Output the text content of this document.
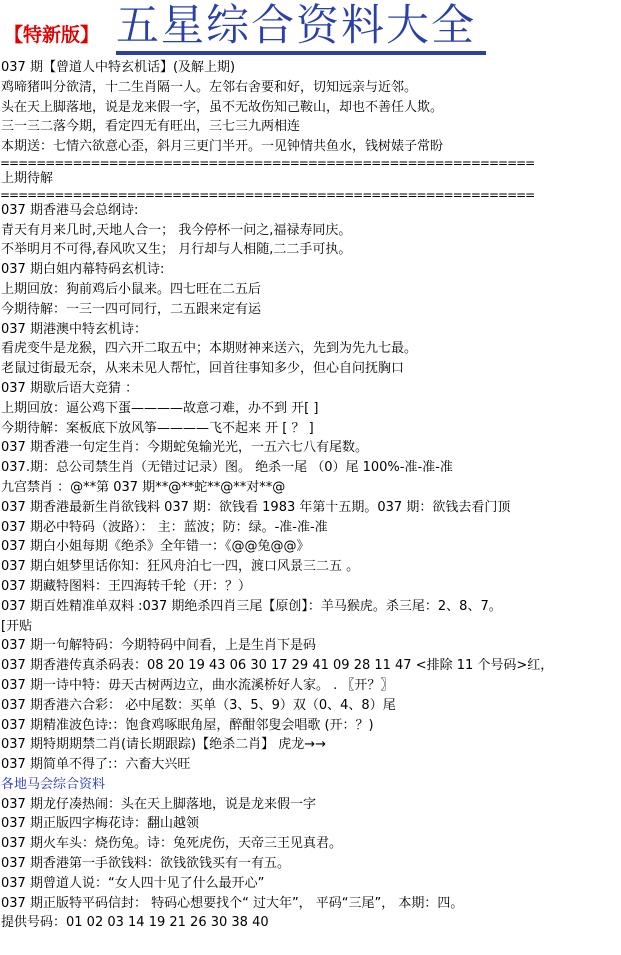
【特新版】 五星综合资料大全
037 期【曾道人中特玄机话】(及解上期)
鸡啼猪叫分欲清，十二生肖隔一人。左邻右舍要和好，切知远亲与近邻。
头在天上脚落地，说是龙来假一字，虽不无故伤知己鞍山，却也不善任人欺。
三一三二落今期，看定四无有旺出，三七三九两相连
本期送：七情六欲意心歪，斜月三更门半开。一见钟情共鱼水，钱树婊子常盼
===========================================================
上期待解
===========================================================
037 期香港马会总纲诗:
青天有月来几时,天地人合一； 我今停杯一问之,福禄寿同庆。
不举明月不可得,春风吹又生； 月行却与人相随,二二手可执。
037 期白姐内幕特码玄机诗:
上期回放：狗前鸡后小鼠来。四七旺在二五后
今期待解：一三一四可同行，二五跟来定有运
037 期港澳中特玄机诗：
看虎变牛是龙猴，四六开二取五中；本期财神来送六，先到为先九七最。
老鼠过街最无奈，从来未见人帮忙，回首往事知多少，但心自问抚胸口
037 期歇后语大竞猜 ：
上期回放：逼公鸡下蛋————故意刁难，办不到 开[ ]
今期待解：案板底下放风筝————飞不起来 开 [ ？ ]
037 期香港一句定生肖：今期蛇兔输光光，一五六七八有尾数。
037.期：总公司禁生肖（无错过记录）图。 绝杀一尾 （0）尾 100%-准-准-准
九宫禁肖 ：@**第 037 期**@**蛇**@**对**@
037 期香港最新生肖欲钱料 037 期：欲钱看 1983 年第十五期。037 期：欲钱去看门顶
037 期必中特码（波路）： 主：蓝波；防：绿。-准-准-准
037 期白小姐每期《绝杀》全年错一：《@@兔@@》
037 期白姐梦里话你知：狂风舟泊七一四，渡口风景三二五 。
037 期藏特图料：王四海转千轮（开：？）
037 期百姓精准单双料 :037 期绝杀四肖三尾【原创】：羊马猴虎。杀三尾：2、8、7。
[开贴
037 期一句解特码：今期特码中间看，上是生肖下是码
037 期香港传真杀码表：08 20 19 43 06 30 17 29 41 09 28 11 47 <排除 11 个号码>红，
037 期一诗中特：毋天古树两边立，曲水流溪桥好人家。 . 〖开？〗
037 期香港六合彩： 必中尾数：买单（3、5、9）双（0、4、8）尾
037 期精准波色诗:：饱食鸡啄眠角屋，醉酣邻叟会唱歌 (开：？)
037 期特期期禁二肖(请长期跟踪)【绝杀二肖】 虎龙→→
037 期简单不得了:：六畜大兴旺
各地马会综合资料
037 期龙仔凑热闹：头在天上脚落地，说是龙来假一字
037 期正版四字梅花诗：翻山越领
037 期火车头：烧伤兔。诗：兔死虎伤，天帝三王见真君。
037 期香港第一手欲钱料：欲钱欲钱买有一有五。
037 期曾道人说：“女人四十见了什么最开心”
037 期正版特平码信封： 特码心想要找个“ 过大年”， 平码“三尾”， 本期：四。
提供号码：01 02 03 14 19 21 26 30 38 40
